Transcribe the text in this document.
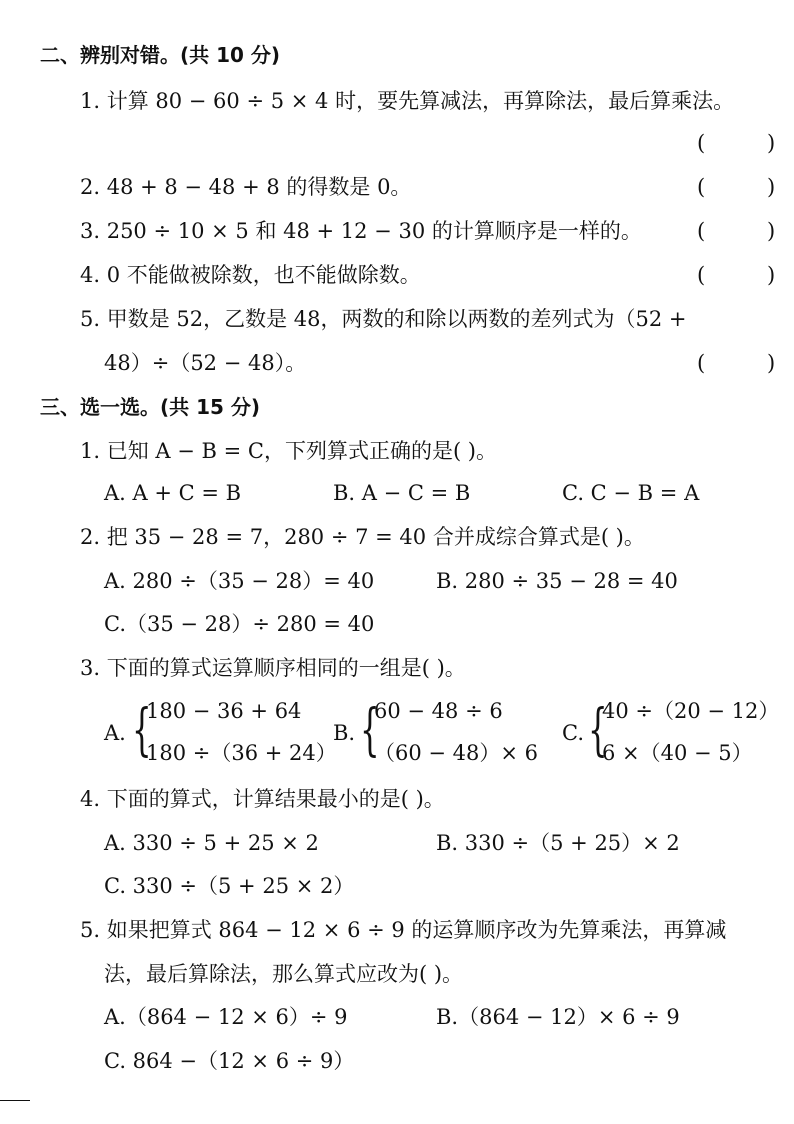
二、辨别对错。(共 10 分)
1. 计算 80 − 60 ÷ 5 × 4 时，要先算减法，再算除法，最后算乘法。
(	)
2. 48 + 8 − 48 + 8 的得数是 0。	(	)
3. 250 ÷ 10 × 5 和 48 + 12 − 30 的计算顺序是一样的。	(	)
4. 0 不能做被除数，也不能做除数。	(	)
5. 甲数是 52，乙数是 48，两数的和除以两数的差列式为（52 +
48）÷（52 − 48）。	(	)
三、选一选。(共 15 分)
1. 已知 A − B = C，下列算式正确的是( )。
A. A + C = B	B. A − C = B	C. C − B = A
2. 把 35 − 28 = 7，280 ÷ 7 = 40 合并成综合算式是( )。
A. 280 ÷（35 − 28）= 40	B. 280 ÷ 35 − 28 = 40
C.（35 − 28）÷ 280 = 40
3. 下面的算式运算顺序相同的一组是( )。
A. {
180 − 36 + 64
180 ÷（36 + 24）
B. {
60 − 48 ÷ 6
（60 − 48）× 6
C. {
40 ÷（20 − 12）
6 ×（40 − 5）
4. 下面的算式，计算结果最小的是( )。
A. 330 ÷ 5 + 25 × 2	B. 330 ÷（5 + 25）× 2
C. 330 ÷（5 + 25 × 2）
5. 如果把算式 864 − 12 × 6 ÷ 9 的运算顺序改为先算乘法，再算减
法，最后算除法，那么算式应改为( )。
A.（864 − 12 × 6）÷ 9	B.（864 − 12）× 6 ÷ 9
C. 864 −（12 × 6 ÷ 9）
